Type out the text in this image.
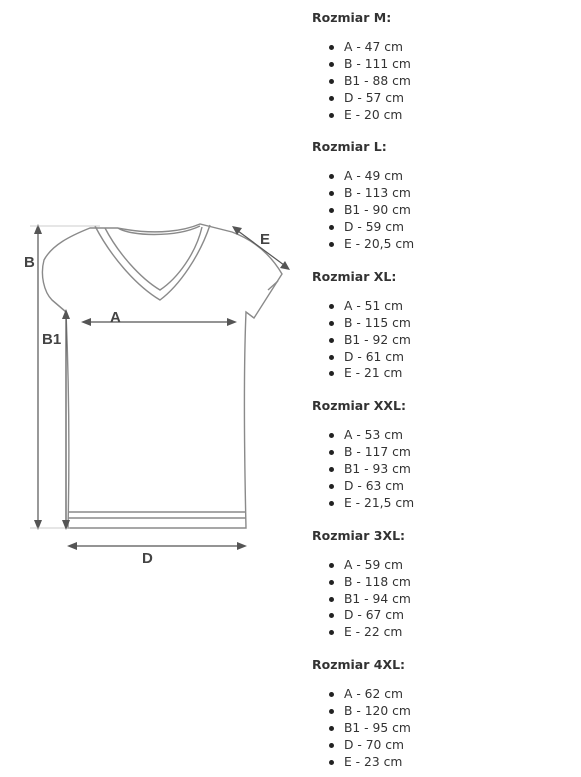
B
B1
A
D
E
Rozmiar M:
A - 47 cm
B - 111 cm
B1 - 88 cm
D - 57 cm
E - 20 cm
Rozmiar L:
A - 49 cm
B - 113 cm
B1 - 90 cm
D - 59 cm
E - 20,5 cm
Rozmiar XL:
A - 51 cm
B - 115 cm
B1 - 92 cm
D - 61 cm
E - 21 cm
Rozmiar XXL:
A - 53 cm
B - 117 cm
B1 - 93 cm
D - 63 cm
E - 21,5 cm
Rozmiar 3XL:
A - 59 cm
B - 118 cm
B1 - 94 cm
D - 67 cm
E - 22 cm
Rozmiar 4XL:
A - 62 cm
B - 120 cm
B1 - 95 cm
D - 70 cm
E - 23 cm
